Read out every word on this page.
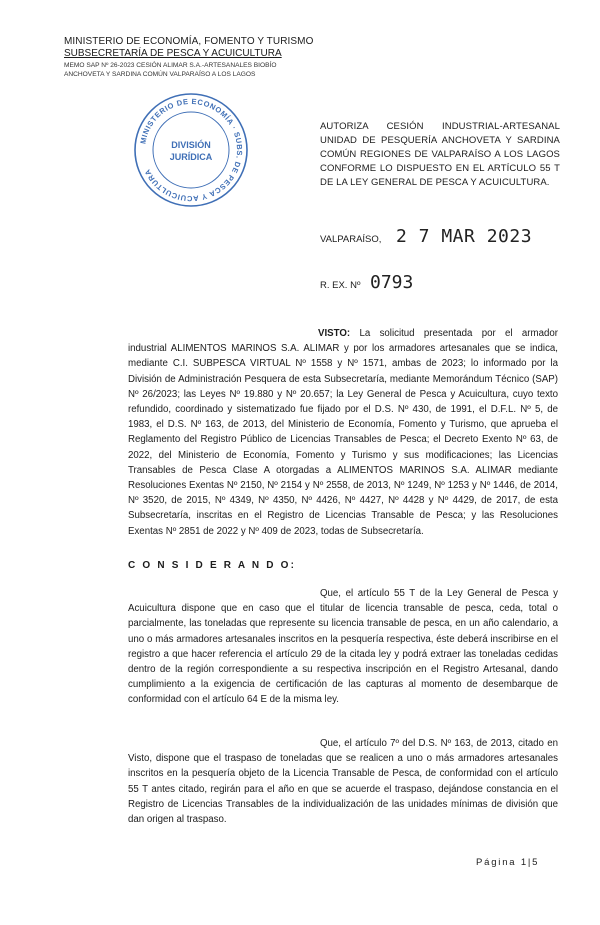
MINISTERIO DE ECONOMÍA, FOMENTO Y TURISMO
SUBSECRETARÍA DE PESCA Y ACUICULTURA
MEMO SAP Nº 26-2023 CESIÓN ALIMAR S.A.-ARTESANALES BIOBÍO ANCHOVETA Y SARDINA COMÚN VALPARAÍSO A LOS LAGOS
MINISTERIO DE ECONOMÍA · SUBS. DE PESCA Y ACUICULTURA
DIVISIÓN
JURÍDICA
AUTORIZA CESIÓN INDUSTRIAL-ARTESANAL UNIDAD DE PESQUERÍA ANCHOVETA Y SARDINA COMÚN REGIONES DE VALPARAÍSO A LOS LAGOS CONFORME LO DISPUESTO EN EL ARTÍCULO 55 T DE LA LEY GENERAL DE PESCA Y ACUICULTURA.
VALPARAÍSO, 2 7 MAR 2023
R. EX. Nº 0793
VISTO: La solicitud presentada por el armador industrial ALIMENTOS MARINOS S.A. ALIMAR y por los armadores artesanales que se indica, mediante C.I. SUBPESCA VIRTUAL Nº 1558 y Nº 1571, ambas de 2023; lo informado por la División de Administración Pesquera de esta Subsecretaría, mediante Memorándum Técnico (SAP) Nº 26/2023; las Leyes Nº 19.880 y Nº 20.657; la Ley General de Pesca y Acuicultura, cuyo texto refundido, coordinado y sistematizado fue fijado por el D.S. Nº 430, de 1991, el D.F.L. Nº 5, de 1983, el D.S. Nº 163, de 2013, del Ministerio de Economía, Fomento y Turismo, que aprueba el Reglamento del Registro Público de Licencias Transables de Pesca; el Decreto Exento Nº 63, de 2022, del Ministerio de Economía, Fomento y Turismo y sus modificaciones; las Licencias Transables de Pesca Clase A otorgadas a ALIMENTOS MARINOS S.A. ALIMAR mediante Resoluciones Exentas Nº 2150, Nº 2154 y Nº 2558, de 2013, Nº 1249, Nº 1253 y Nº 1446, de 2014, Nº 3520, de 2015, Nº 4349, Nº 4350, Nº 4426, Nº 4427, Nº 4428 y Nº 4429, de 2017, de esta Subsecretaría, inscritas en el Registro de Licencias Transable de Pesca; y las Resoluciones Exentas Nº 2851 de 2022 y Nº 409 de 2023, todas de Subsecretaría.
C O N S I D E R A N D O:
Que, el artículo 55 T de la Ley General de Pesca y Acuicultura dispone que en caso que el titular de licencia transable de pesca, ceda, total o parcialmente, las toneladas que represente su licencia transable de pesca, en un año calendario, a uno o más armadores artesanales inscritos en la pesquería respectiva, éste deberá inscribirse en el registro a que hacer referencia el artículo 29 de la citada ley y podrá extraer las toneladas cedidas dentro de la región correspondiente a su respectiva inscripción en el Registro Artesanal, dando cumplimiento a la exigencia de certificación de las capturas al momento de desembarque de conformidad con el artículo 64 E de la misma ley.
Que, el artículo 7º del D.S. Nº 163, de 2013, citado en Visto, dispone que el traspaso de toneladas que se realicen a uno o más armadores artesanales inscritos en la pesquería objeto de la Licencia Transable de Pesca, de conformidad con el artículo 55 T antes citado, regirán para el año en que se acuerde el traspaso, dejándose constancia en el Registro de Licencias Transables de la individualización de las unidades mínimas de división que dan origen al traspaso.
Página 1|5
